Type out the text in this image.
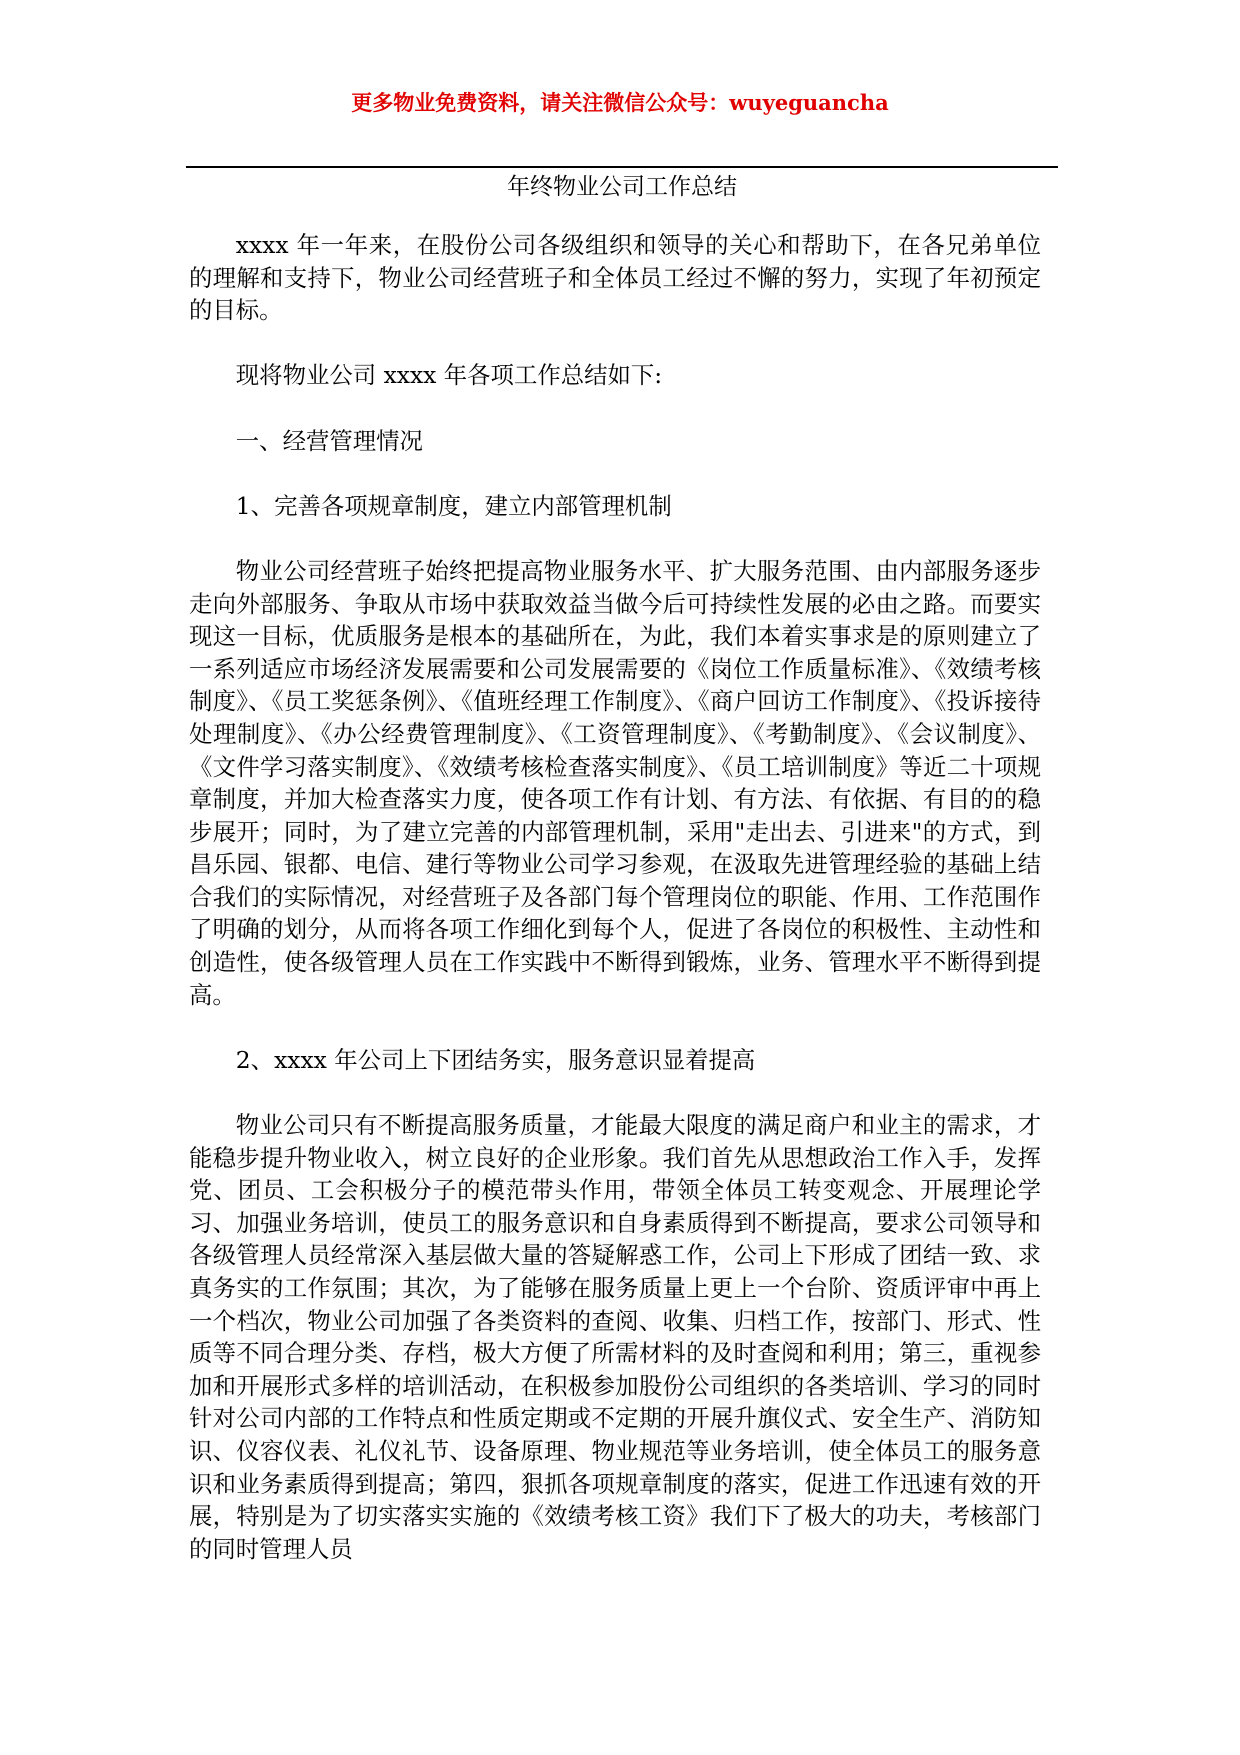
更多物业免费资料，请关注微信公众号：wuyeguancha
年终物业公司工作总结

xxxx 年一年来，在股份公司各级组织和领导的关心和帮助下，在各兄弟单位的理解和支持下，物业公司经营班子和全体员工经过不懈的努力，实现了年初预定的目标。

现将物业公司 xxxx 年各项工作总结如下:

一、经营管理情况

1、完善各项规章制度，建立内部管理机制

物业公司经营班子始终把提高物业服务水平、扩大服务范围、由内部服务逐步走向外部服务、争取从市场中获取效益当做今后可持续性发展的必由之路。而要实现这一目标，优质服务是根本的基础所在，为此，我们本着实事求是的原则建立了一系列适应市场经济发展需要和公司发展需要的《岗位工作质量标准》、《效绩考核制度》、《员工奖惩条例》、《值班经理工作制度》、《商户回访工作制度》、《投诉接待处理制度》、《办公经费管理制度》、《工资管理制度》、《考勤制度》、《会议制度》、《文件学习落实制度》、《效绩考核检查落实制度》、《员工培训制度》等近二十项规章制度，并加大检查落实力度，使各项工作有计划、有方法、有依据、有目的的稳步展开；同时，为了建立完善的内部管理机制，采用"走出去、引进来"的方式，到昌乐园、银都、电信、建行等物业公司学习参观，在汲取先进管理经验的基础上结合我们的实际情况，对经营班子及各部门每个管理岗位的职能、作用、工作范围作了明确的划分，从而将各项工作细化到每个人，促进了各岗位的积极性、主动性和创造性，使各级管理人员在工作实践中不断得到锻炼，业务、管理水平不断得到提高。

2、xxxx 年公司上下团结务实，服务意识显着提高

物业公司只有不断提高服务质量，才能最大限度的满足商户和业主的需求，才能稳步提升物业收入，树立良好的企业形象。我们首先从思想政治工作入手，发挥党、团员、工会积极分子的模范带头作用，带领全体员工转变观念、开展理论学习、加强业务培训，使员工的服务意识和自身素质得到不断提高，要求公司领导和各级管理人员经常深入基层做大量的答疑解惑工作，公司上下形成了团结一致、求真务实的工作氛围；其次，为了能够在服务质量上更上一个台阶、资质评审中再上一个档次，物业公司加强了各类资料的查阅、收集、归档工作，按部门、形式、性质等不同合理分类、存档，极大方便了所需材料的及时查阅和利用；第三，重视参加和开展形式多样的培训活动，在积极参加股份公司组织的各类培训、学习的同时针对公司内部的工作特点和性质定期或不定期的开展升旗仪式、安全生产、消防知识、仪容仪表、礼仪礼节、设备原理、物业规范等业务培训，使全体员工的服务意识和业务素质得到提高；第四，狠抓各项规章制度的落实，促进工作迅速有效的开展，特别是为了切实落实实施的《效绩考核工资》我们下了极大的功夫，考核部门的同时管理人员
